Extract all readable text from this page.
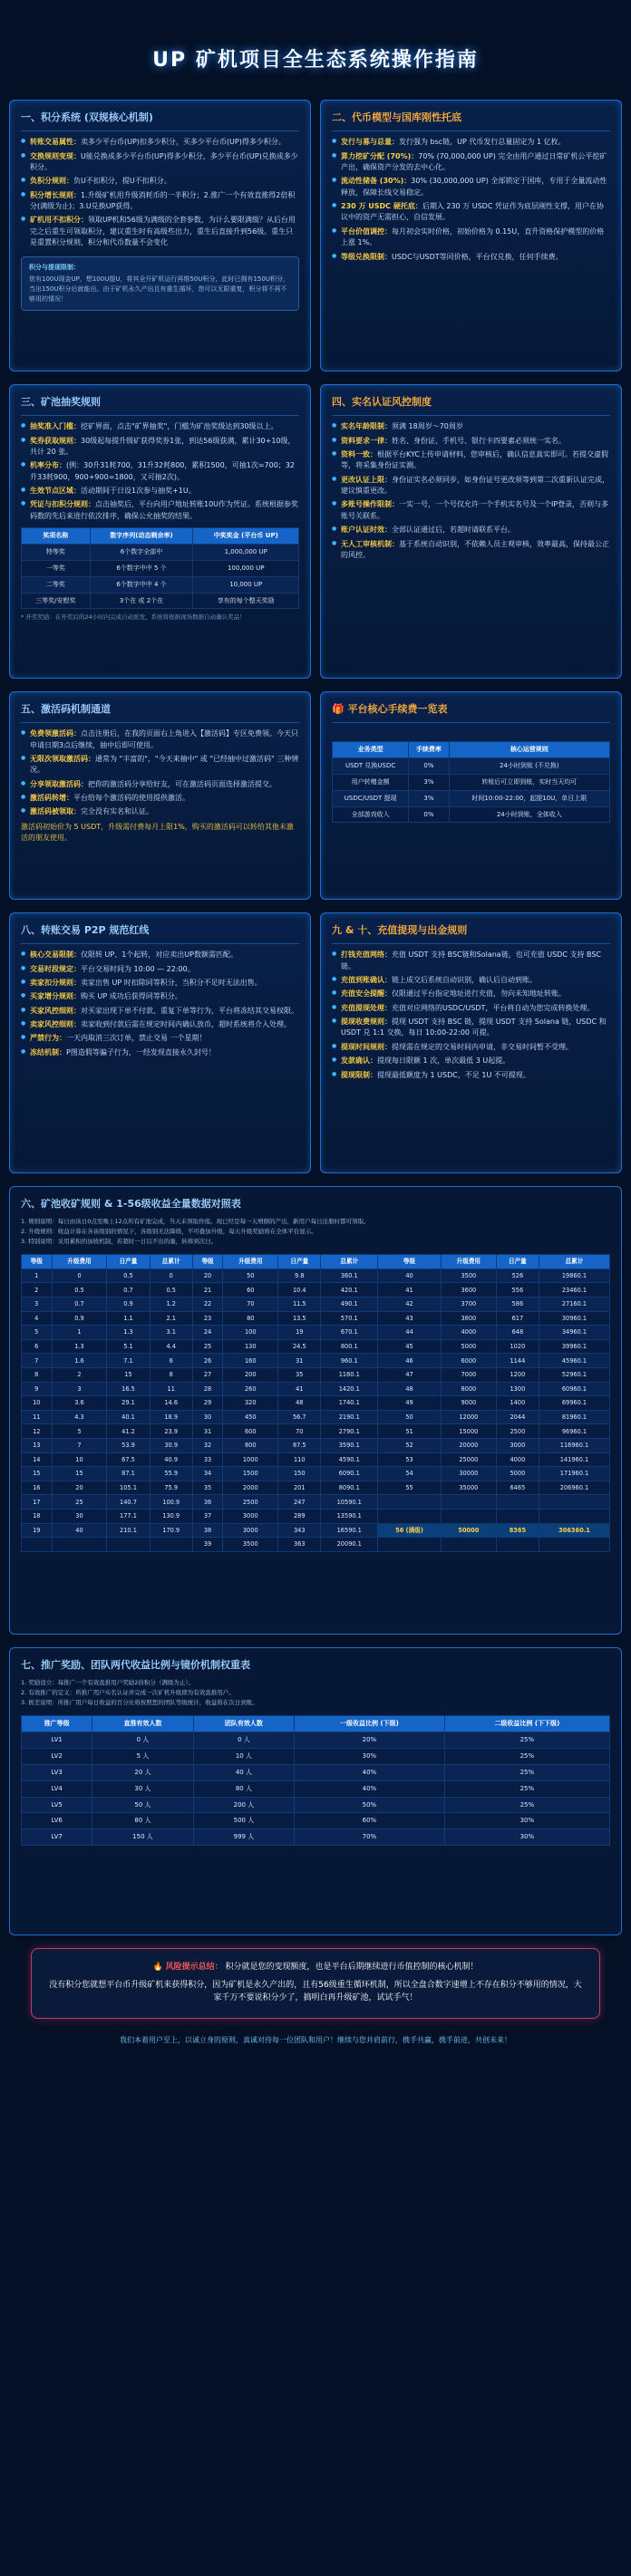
UP 矿机项目全生态系统操作指南
一、积分系统 (双规核心机制)
● 转账交易属性：卖多少平台币(UP)扣多少积分，买多少平台币(UP)得多少积分。
● 交换规则变现：U能兑换成多少平台币(UP)得多少积分，多少平台币(UP)兑换成多少积分。
● 负积分规则：负U不扣积分，提U不扣积分。
● 积分增长规则：1.升级矿机用升级消耗币的一半积分；2.推广一个有效直推得2倍积分(满级为止)；3.U兑换UP获得。
● 矿机用不扣积分：领取UP机和56级为满级的全套参数，为计么要限满级？从后台用完之后重生可领取积分，建议重生时有高级些出力，重生后直接升到56级。重生只是重置积分规则，积分和代币数量不会变化
积分与提现限制：
您有100U现金UP，想100U提U，将其全升矿机运行再维50U积分，此时已拥有150U积分，当出150U积分后就能出。由于矿机永久产出且有重生循环，您可以无限重复，积分将不再不够用的情况！
二、代币模型与国库刚性托底
● 发行与募与总量：发行强为 bsc链，UP 代币发行总量固定为 1 亿枚。
● 算力挖矿分配 (70%)：70% (70,000,000 UP) 完全由用户通过日常矿机公平挖矿产出，确保资产分发的去中心化。
● 流动性储备 (30%)：30% (30,000,000 UP) 全部锁定于国库，专用于全量流动性释放，保障长线交易稳定。
● 230 万 USDC 硬托底：后期入 230 万 USDC 凭证作为底层刚性支撑，用户在协议中的资产无需担心，自信发展。
● 平台价值调控：每月初会实时价格，初始价格为 0.15U，直升资格保护模型的价格上涨 1%。
● 等级兑换限制：USDC与USDT等同价格，平台仅兑换，任何手续费。
三、矿池抽奖规则
● 抽奖准入门槛：挖矿界面，点击"矿界抽奖"，门槛为矿池奖级达到30级以上。
● 奖券获取规则：30级起每提升级矿获得奖券1张，到达56级获满，累计30+10级，共计 20 张。
● 机率分布：(例：30升31耗700，31升32耗800，累积1500，可抽1次=700；32升33耗900，900+900=1800，又可抽2次)。
● 生效节点区域：活动期间于日设1次参与抽奖+1U。
● 凭证与扣积分规则：点击抽奖后，平台向用户地址转账10U作为凭证。系统根据参奖码数的先后来进行依次排序，确保公允抽奖的结果。
奖项名称	数字序列(动态剩余率)	中奖奖金 (平台币 UP)
特等奖	6个数字全部中	1,000,000 UP
一等奖	6个数字中中 5 个	100,000 UP
二等奖	6个数字中中 4 个	10,000 UP
三等奖/安慰奖	3个在 或 2个在	享有的每个整天奖励
* 开奖奖励：在开奖后的24小时内完成自动派发，系统将根据现场数据自动确认奖品！
四、实名认证风控制度
● 实名年龄限制：须满 18周岁～70周岁
● 资料要求一律：姓名、身份证、手机号、银行卡四要素必须统一实名。
● 资料一致：根据平台KYC上传申请材料，您审核后，确认信息真实即可。若提交虚假等，将采集身份证实测。
● 更改认证上限：身份证实名必须同步，如身份证号更改须等到第二次重新认证完成，建议慎重更改。
● 多账号操作限制：一实一号，一个号仅允许一个手机实名号及一个IP登录，否则与多账号关联系。
● 账户认证时效：全部认证通过后，若超时请联系平台。
● 无人工审核机制：基于系统自动识别，不依赖人员主观审核，效率最高，保持最公正的风控。
五、激活码机制通道
● 免费领激活码：点击注册后，在我的页面右上角进入【激活码】专区免费领。今天只申请日期3点后继续，抽中后即可使用。
● 无限次领取激活码：通常为 "丰富的"，"今天来抽中" 或 "已经抽中过激活码" 三种情况。
● 分享领取激活码：把你的激活码分享给好友，可在激活码页面选择激活提交。
● 激活码转增：平台给每个激活码的使用提供激活。
● 激活码被领取：完全没有实名和认证。
激活码初始价为 5 USDT，升级需付费每月上限1%，购买的激活码可以转给其他未激活的朋友使用。
🎁 平台核心手续费一览表
业务类型	手续费率	核心运营规则
USDT 兑换USDC	0%	24小时到账 (不兑换)
用户转赠金额	3%	转账后可立即到账，实时当天均可
USDC/USDT 提现	3%	时间10:00-22:00，起提10U，单日上限
全部游戏收入	0%	24小时到账，全体收入
八、转账交易 P2P 规范红线
● 核心交易限制：仅限转 UP、1个起转，对应卖出UP数额需匹配。
● 交易时段规定：平台交易时间为 10:00 — 22:00。
● 卖家扣分规则：卖家出售 UP 时扣除同等积分，当积分不足时无法出售。
● 买家增分规则：购买 UP 成功后获得同等积分。
● 买家风控细则：对买家出现下单不付款、重复下单等行为，平台将冻结其交易权限。
● 卖家风控细则：卖家收到付款后需在规定时间内确认放币，超时系统将介入处理。
● 严禁行为：一天内取消三次订单，禁止交易 一个星期！
● 冻结机制：P图造假等骗子行为，一经发现直接永久封号！
九 & 十、充值提现与出金规则
● 打钱充值网络：充值 USDT 支持 BSC链和Solana链，也可充值 USDC 支持 BSC 链。
● 充值到账确认：链上成交后系统自动识别，确认后自动到账。
● 充值安全提醒：仅限通过平台指定地址进行充值，勿向未知地址转账。
● 充值提现处理：充值对应网络的USDC/USDT，平台将自动为您完成转换处理。
● 提现收费规则：提现 USDT 支持 BSC 链，提现 USDT 支持 Solana 链，USDC 和 USDT 兑 1:1 交换，每日 10:00-22:00 可提。
● 提现时间规则：提现需在规定的交易时间内申请，非交易时间暂不受理。
● 发款确认：提现每日限额 1 次，单次最低 3 U起提。
● 提现限制：提现最低额度为 1 USDC，不足 1U 不可提现。
六、矿池收矿规则 & 1-56级收益全量数据对照表
1. 规则说明：每日由该日0点至晚上12点所有矿池完成，当天未领取作废。现已经是每一天增额的产出，新用户每日注册时都可领取。
2. 升级规则：收益计算在各该级别的情况下，各级别无法降级，不可叠加升级，每天升级奖励将在全体平台显示。
3. 特别说明：采用累积的加收机制，若超时一日以不出的量，转移到次日。
等级	升级费用	日产量	总累计	等级	升级费用	日产量	总累计	等级	升级费用	日产量	总累计
1	0	0.5	0	20	50	9.8	360.1	40	3500	526	19860.1
2	0.5	0.7	0.5	21	60	10.4	420.1	41	3600	556	23460.1
3	0.7	0.9	1.2	22	70	11.5	490.1	42	3700	586	27160.1
4	0.9	1.1	2.1	23	80	13.5	570.1	43	3800	617	30960.1
5	1	1.3	3.1	24	100	19	670.1	44	4000	648	34960.1
6	1.3	5.1	4.4	25	130	24.5	800.1	45	5000	1020	39960.1
7	1.6	7.1	6	26	160	31	960.1	46	6000	1144	45960.1
8	2	15	8	27	200	35	1160.1	47	7000	1200	52960.1
9	3	16.5	11	28	260	41	1420.1	48	8000	1300	60960.1
10	3.6	29.1	14.6	29	320	48	1740.1	49	9000	1400	69960.1
11	4.3	40.1	18.9	30	450	56.7	2190.1	50	12000	2044	81960.1
12	5	41.2	23.9	31	600	70	2790.1	51	15000	2500	96960.1
13	7	53.9	30.9	32	800	87.5	3590.1	52	20000	3000	116960.1
14	10	67.5	40.9	33	1000	110	4590.1	53	25000	4000	141960.1
15	15	87.1	55.9	34	1500	150	6090.1	54	30000	5000	171960.1
16	20	105.1	75.9	35	2000	201	8090.1	55	35000	6465	206960.1
17	25	140.7	100.9	36	2500	247	10590.1				
18	30	177.1	130.9	37	3000	289	13590.1				
19	40	210.1	170.9	38	3000	343	16590.1	56 (满级)	50000	8365	306360.1
				39	3500	363	20090.1				
七、推广奖励、团队两代收益比例与镜价机制权重表
1. 奖励设立：每推广一个有效直推用户奖励2倍积分（满级为止）。
2. 有效推广的定义：所推广用户实名认证并完成一次矿机升级即为有效直推用户。
3. 极差说明：所推广用户每日收益的百分比将按照您的团队等级统计，收益将在次日到账。
推广等级	直推有效人数	团队有效人数	一级收益比例 (下级)	二级收益比例 (下下级)
LV1	0 人	0 人	20%	25%
LV2	5 人	10 人	30%	25%
LV3	20 人	40 人	40%	25%
LV4	30 人	80 人	40%	25%
LV5	50 人	200 人	50%	25%
LV6	80 人	500 人	60%	30%
LV7	150 人	999 人	70%	30%
🔥 风险提示总结： 积分就是您的变现额度，也是平台后期继续进行币值控制的核心机制！
没有积分您就想平台币升级矿机来获得积分，因为矿机是永久产出的，且有56级重生循环机制，所以全盘合数字速增上不存在积分不够用的情况，大家千万不要说积分少了，搞明白再升级矿池，试试手气！
我们本着用户至上，以诚立身的原则，真诚对待每一位团队和用户！继续与您并肩前行，携手共赢，携手前进，共创未来！
